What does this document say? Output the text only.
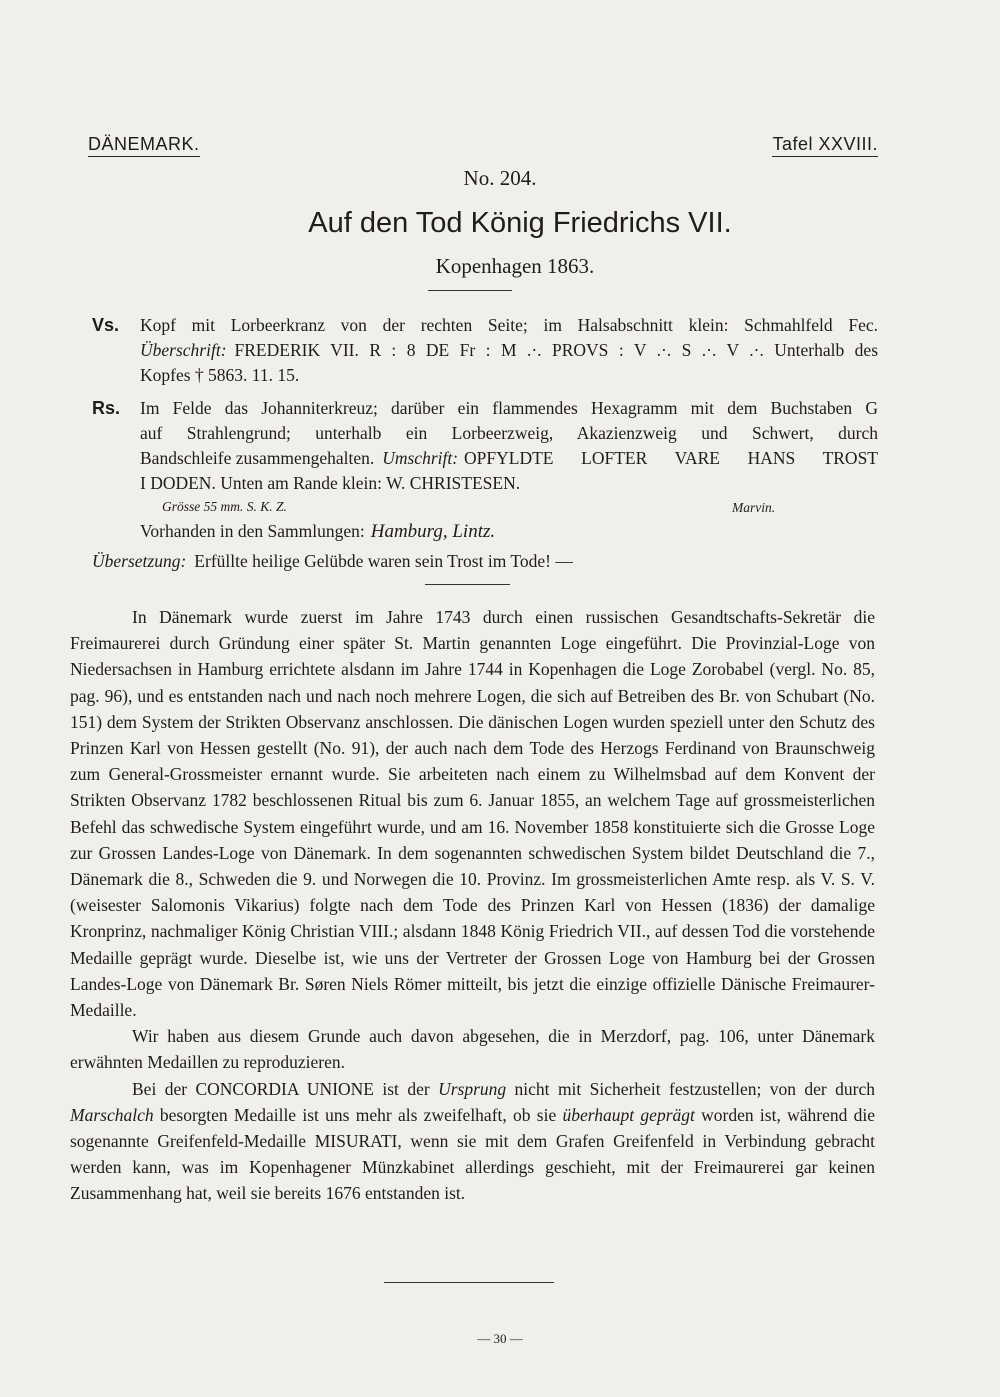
DÄNEMARK.	Tafel XXVIII.
No. 204.
Auf den Tod König Friedrichs VII.
Kopenhagen 1863.
Vs. Kopf mit Lorbeerkranz von der rechten Seite; im Halsabschnitt klein: Schmahlfeld Fec.
Überschrift: FREDERIK VII. R : 8 DE Fr : M .·. PROVS : V .·. S .·. V .·. Unterhalb des
Kopfes † 5863. 11. 15.
Rs. Im Felde das Johanniterkreuz; darüber ein flammendes Hexagramm mit dem Buchstaben G
auf Strahlengrund; unterhalb ein Lorbeerzweig, Akazienzweig und Schwert, durch
Bandschleife zusammengehalten. Umschrift: OPFYLDTE LOFTER VARE HANS TROST
I DODEN. Unten am Rande klein: W. CHRISTESEN.
Grösse 55 mm. S. K. Z.	Marvin.
Vorhanden in den Sammlungen: Hamburg, Lintz.
Übersetzung: Erfüllte heilige Gelübde waren sein Trost im Tode! —

In Dänemark wurde zuerst im Jahre 1743 durch einen russischen Gesandtschafts-Sekretär die Freimaurerei durch Gründung einer später St. Martin genannten Loge eingeführt. Die Provinzial-Loge von Niedersachsen in Hamburg errichtete alsdann im Jahre 1744 in Kopenhagen die Loge Zorobabel (vergl. No. 85, pag. 96), und es entstanden nach und nach noch mehrere Logen, die sich auf Betreiben des Br. von Schubart (No. 151) dem System der Strikten Observanz anschlossen. Die dänischen Logen wurden speziell unter den Schutz des Prinzen Karl von Hessen gestellt (No. 91), der auch nach dem Tode des Herzogs Ferdinand von Braunschweig zum General-Grossmeister ernannt wurde. Sie arbeiteten nach einem zu Wilhelmsbad auf dem Konvent der Strikten Observanz 1782 beschlossenen Ritual bis zum 6. Januar 1855, an welchem Tage auf grossmeisterlichen Befehl das schwedische System eingeführt wurde, und am 16. November 1858 konstituierte sich die Grosse Loge zur Grossen Landes-Loge von Dänemark. In dem sogenannten schwedischen System bildet Deutschland die 7., Dänemark die 8., Schweden die 9. und Norwegen die 10. Provinz. Im grossmeisterlichen Amte resp. als V. S. V. (weisester Salomonis Vikarius) folgte nach dem Tode des Prinzen Karl von Hessen (1836) der damalige Kronprinz, nachmaliger König Christian VIII.; alsdann 1848 König Friedrich VII., auf dessen Tod die vorstehende Medaille geprägt wurde. Dieselbe ist, wie uns der Vertreter der Grossen Loge von Hamburg bei der Grossen Landes-Loge von Dänemark Br. Søren Niels Römer mitteilt, bis jetzt die einzige offizielle Dänische Freimaurer-Medaille.

Wir haben aus diesem Grunde auch davon abgesehen, die in Merzdorf, pag. 106, unter Dänemark erwähnten Medaillen zu reproduzieren.

Bei der CONCORDIA UNIONE ist der Ursprung nicht mit Sicherheit festzustellen; von der durch Marschalch besorgten Medaille ist uns mehr als zweifelhaft, ob sie überhaupt geprägt worden ist, während die sogenannte Greifenfeld-Medaille MISURATI, wenn sie mit dem Grafen Greifenfeld in Verbindung gebracht werden kann, was im Kopenhagener Münzkabinet allerdings geschieht, mit der Freimaurerei gar keinen Zusammenhang hat, weil sie bereits 1676 entstanden ist.

— 30 —
